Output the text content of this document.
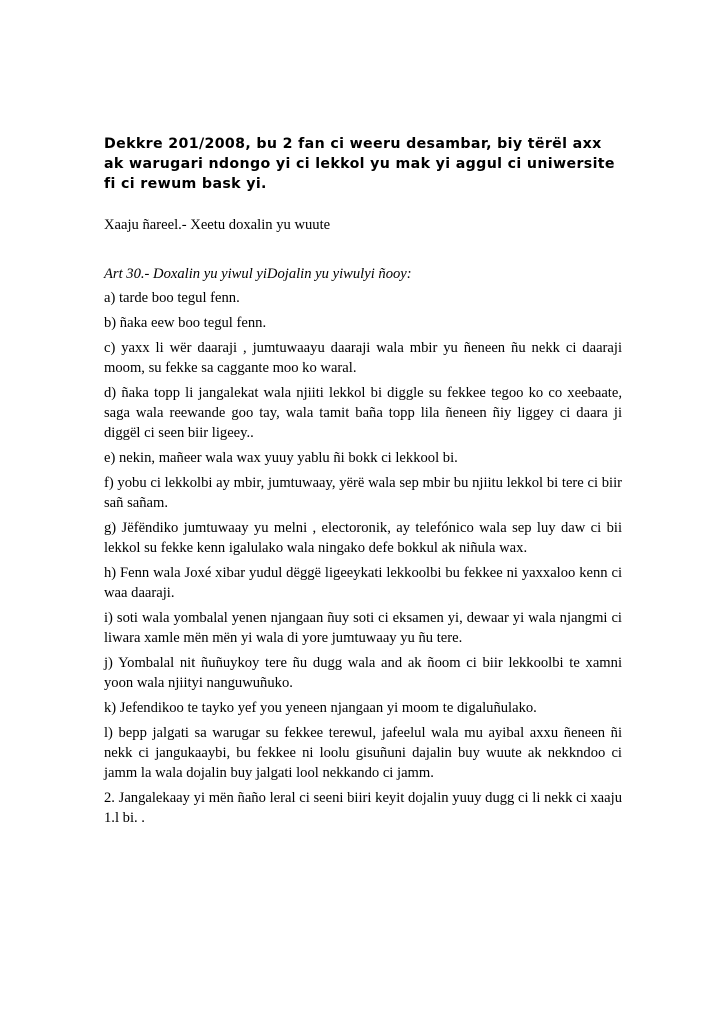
Dekkre 201/2008, bu 2 fan ci weeru desambar, biy tërël axx ak warugari ndongo yi ci lekkol yu mak yi aggul ci uniwersite fi ci rewum bask yi.

Xaaju ñareel.- Xeetu doxalin yu wuute

Art 30.- Doxalin yu yiwul yiDojalin yu yiwulyi ñooy:

a) tarde boo tegul fenn.
b) ñaka eew boo tegul fenn.
c) yaxx li wër daaraji , jumtuwaayu daaraji wala mbir yu ñeneen ñu nekk ci daaraji moom, su fekke sa caggante moo ko waral.
d) ñaka topp li jangalekat wala njiiti lekkol bi diggle su fekkee tegoo ko co xeebaate, saga wala reewande goo tay, wala tamit baña topp lila ñeneen ñiy liggey ci daara ji diggël ci seen biir ligeey..
e) nekin, mañeer wala wax yuuy yablu ñi bokk ci lekkool bi.
f) yobu ci lekkolbi ay mbir, jumtuwaay, yërë wala sep mbir bu njiitu lekkol bi tere ci biir sañ sañam.
g) Jëfëndiko jumtuwaay yu melni , electoronik, ay telefónico wala sep luy daw ci bii lekkol su fekke kenn igalulako wala ningako defe bokkul ak niñula wax.
h) Fenn wala Joxé xibar yudul dëggë ligeeykati lekkoolbi bu fekkee ni yaxxaloo kenn ci waa daaraji.
i) soti wala yombalal yenen njangaan ñuy soti ci eksamen yi, dewaar yi wala njangmi ci liwara xamle mën mën yi wala di yore jumtuwaay yu ñu tere.
j) Yombalal nit ñuñuykoy tere ñu dugg wala and ak ñoom ci biir lekkoolbi te xamni yoon wala njiityi nanguwuñuko.
k) Jefendikoo te tayko yef you yeneen njangaan yi moom te digaluñulako.
l) bepp jalgati sa warugar su fekkee terewul, jafeelul wala mu ayibal axxu ñeneen ñi nekk ci jangukaaybi, bu fekkee ni loolu gisuñuni dajalin buy wuute ak nekkndoo ci jamm la wala dojalin buy jalgati lool nekkando ci jamm.
2. Jangalekaay yi mën ñaño leral ci seeni biiri keyit dojalin yuuy dugg ci li nekk ci xaaju 1.l bi. .
